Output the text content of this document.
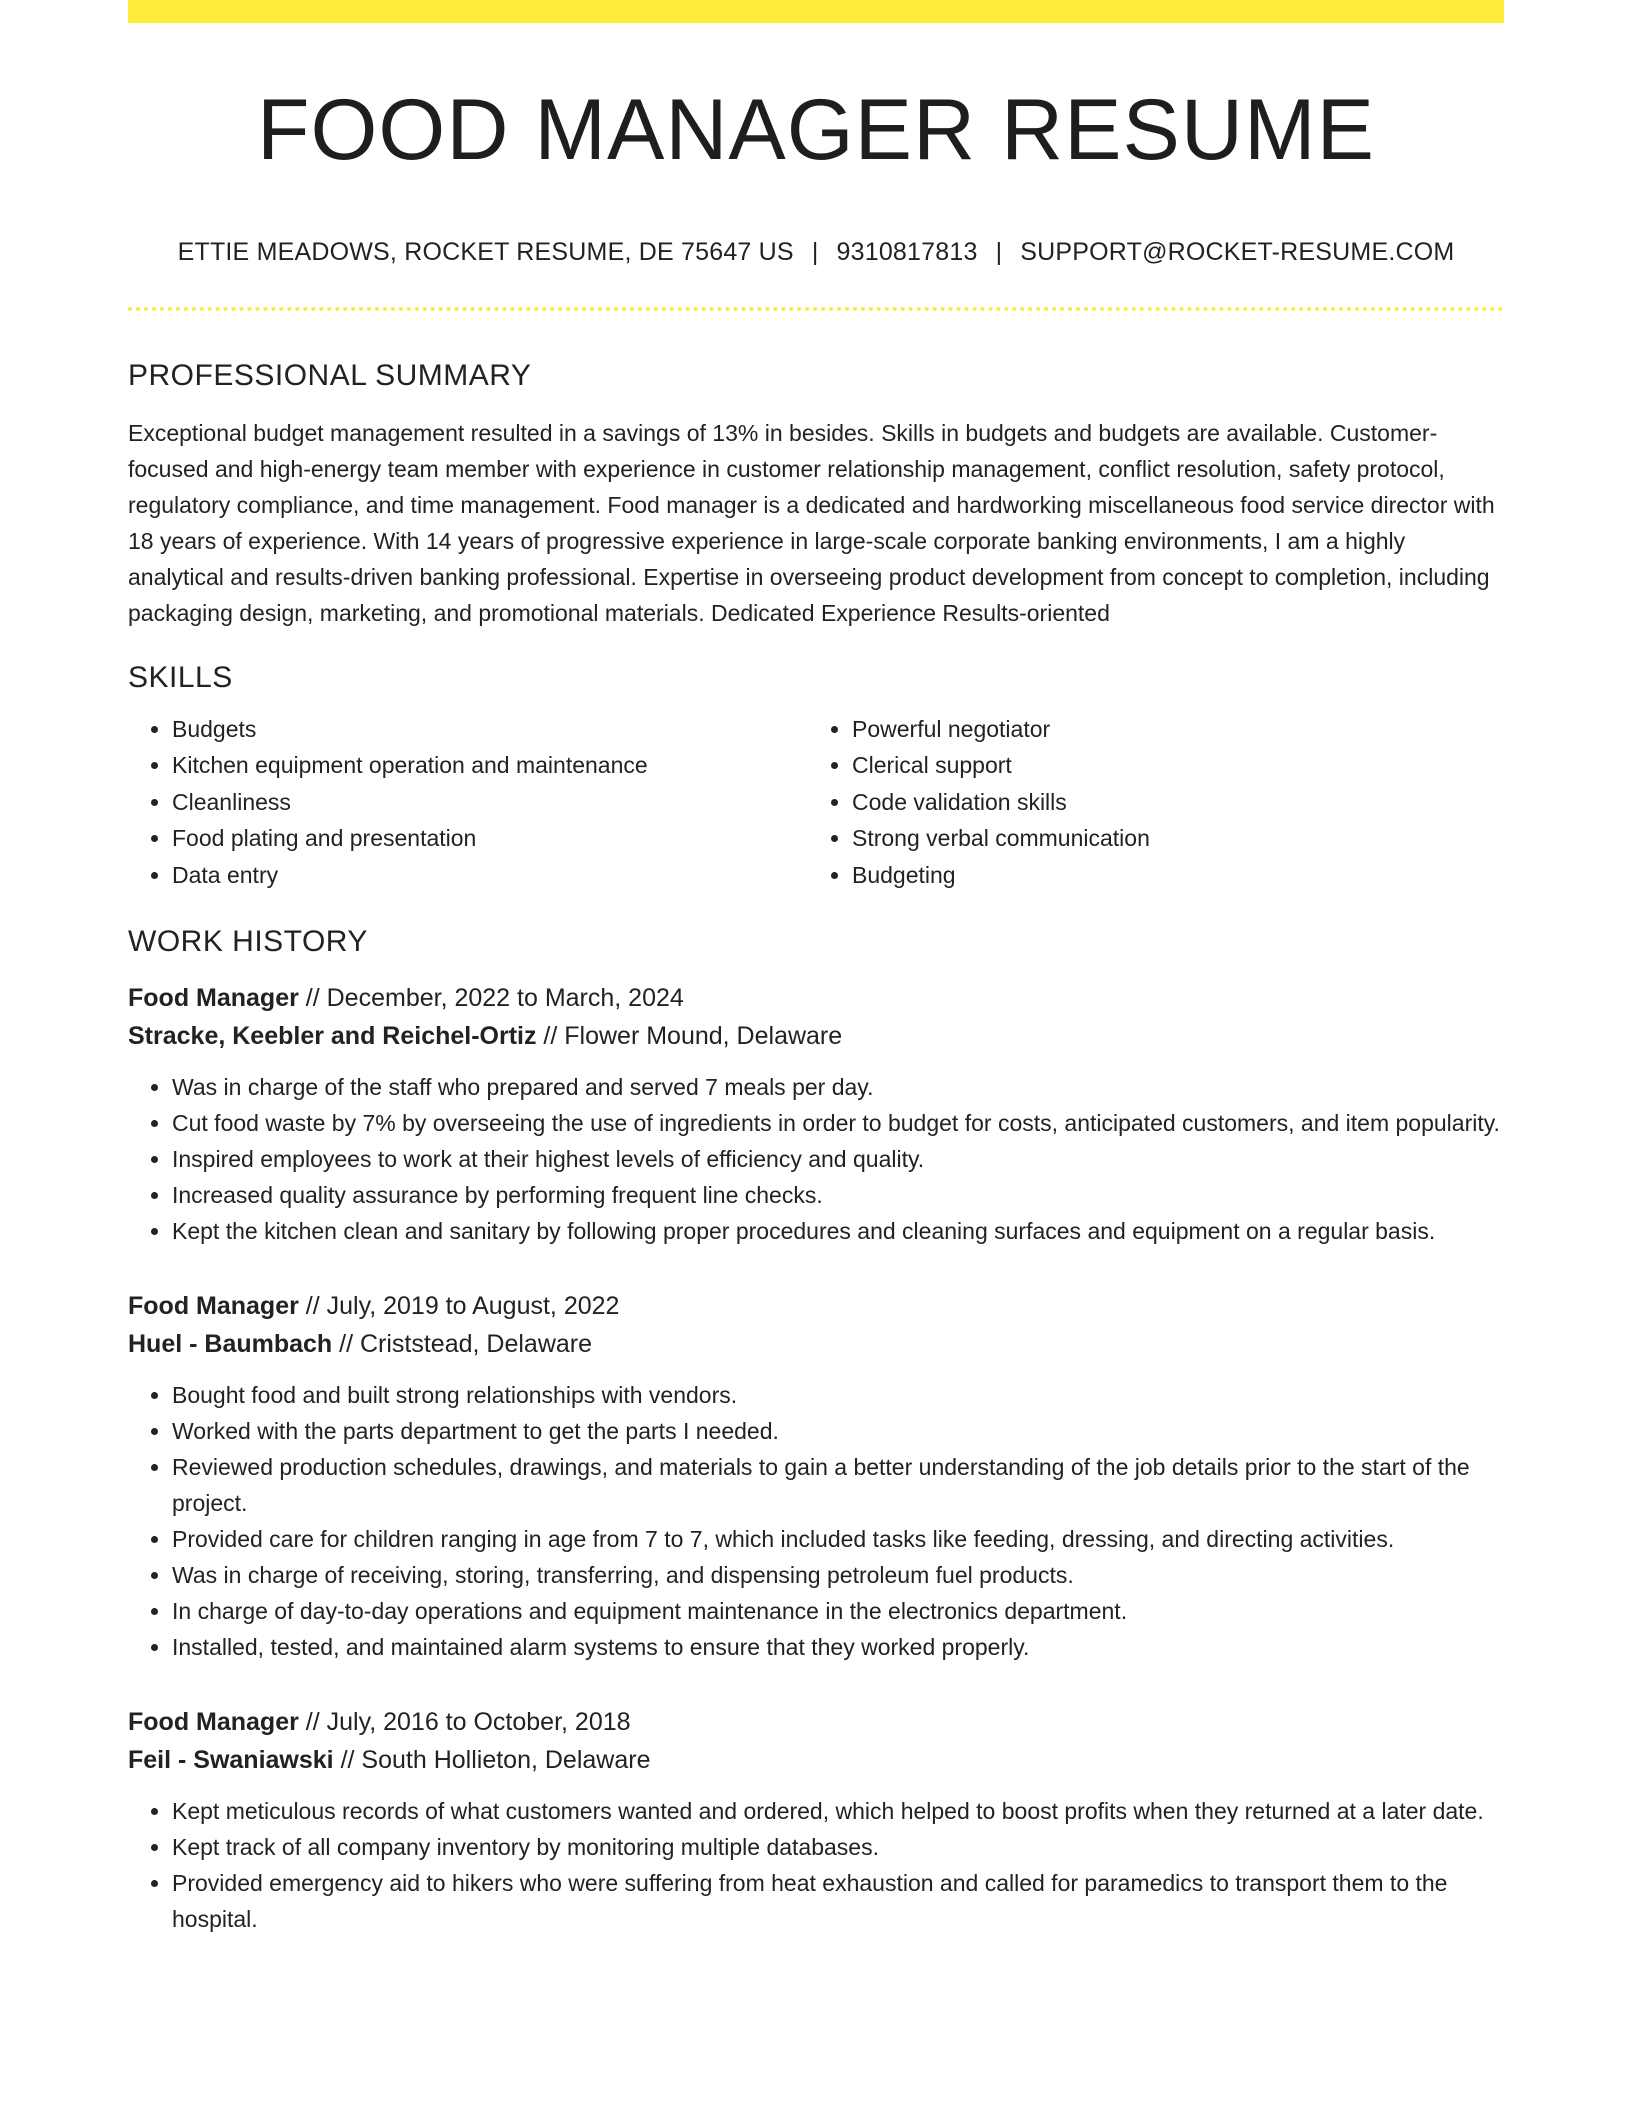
FOOD MANAGER RESUME
ETTIE MEADOWS, ROCKET RESUME, DE 75647 US | 9310817813 | SUPPORT@ROCKET-RESUME.COM
PROFESSIONAL SUMMARY
Exceptional budget management resulted in a savings of 13% in besides. Skills in budgets and budgets are available. Customer-focused and high-energy team member with experience in customer relationship management, conflict resolution, safety protocol, regulatory compliance, and time management. Food manager is a dedicated and hardworking miscellaneous food service director with 18 years of experience. With 14 years of progressive experience in large-scale corporate banking environments, I am a highly analytical and results-driven banking professional. Expertise in overseeing product development from concept to completion, including packaging design, marketing, and promotional materials. Dedicated Experience Results-oriented
SKILLS
• Budgets
• Kitchen equipment operation and maintenance
• Cleanliness
• Food plating and presentation
• Data entry
• Powerful negotiator
• Clerical support
• Code validation skills
• Strong verbal communication
• Budgeting
WORK HISTORY
Food Manager // December, 2022 to March, 2024
Stracke, Keebler and Reichel-Ortiz // Flower Mound, Delaware
• Was in charge of the staff who prepared and served 7 meals per day.
• Cut food waste by 7% by overseeing the use of ingredients in order to budget for costs, anticipated customers, and item popularity.
• Inspired employees to work at their highest levels of efficiency and quality.
• Increased quality assurance by performing frequent line checks.
• Kept the kitchen clean and sanitary by following proper procedures and cleaning surfaces and equipment on a regular basis.
Food Manager // July, 2019 to August, 2022
Huel - Baumbach // Criststead, Delaware
• Bought food and built strong relationships with vendors.
• Worked with the parts department to get the parts I needed.
• Reviewed production schedules, drawings, and materials to gain a better understanding of the job details prior to the start of the project.
• Provided care for children ranging in age from 7 to 7, which included tasks like feeding, dressing, and directing activities.
• Was in charge of receiving, storing, transferring, and dispensing petroleum fuel products.
• In charge of day-to-day operations and equipment maintenance in the electronics department.
• Installed, tested, and maintained alarm systems to ensure that they worked properly.
Food Manager // July, 2016 to October, 2018
Feil - Swaniawski // South Hollieton, Delaware
• Kept meticulous records of what customers wanted and ordered, which helped to boost profits when they returned at a later date.
• Kept track of all company inventory by monitoring multiple databases.
• Provided emergency aid to hikers who were suffering from heat exhaustion and called for paramedics to transport them to the hospital.
